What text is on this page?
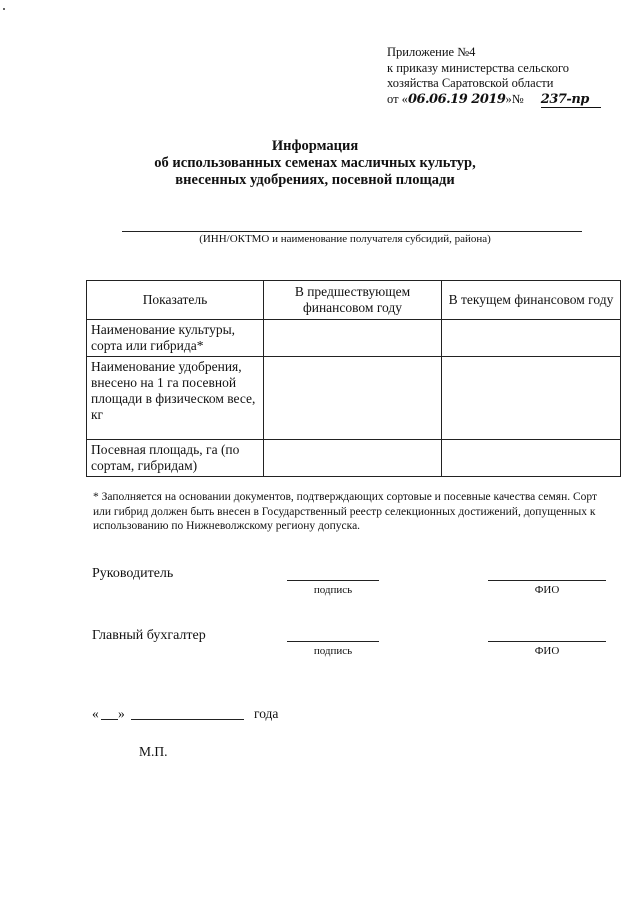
Приложение №4
к приказу министерства сельского
хозяйства Саратовской области
от «06.06.19 2019»№ 237-пр
Информация
об использованных семенах масличных культур,
внесенных удобрениях, посевной площади
(ИНН/ОКТМО и наименование получателя субсидий, района)
Показатель	В предшествующем финансовом году	В текущем финансовом году
Наименование культуры, сорта или гибрида*		
Наименование удобрения, внесено на 1 га посевной площади в физическом весе, кг		
Посевная площадь, га (по сортам, гибридам)		
* Заполняется на основании документов, подтверждающих сортовые и посевные качества семян. Сорт или гибрид должен быть внесен в Государственный реестр селекционных достижений, допущенных к использованию по Нижневолжскому региону допуска.
Руководитель
подпись	ФИО
Главный бухгалтер
подпись	ФИО
« »	года
М.П.
